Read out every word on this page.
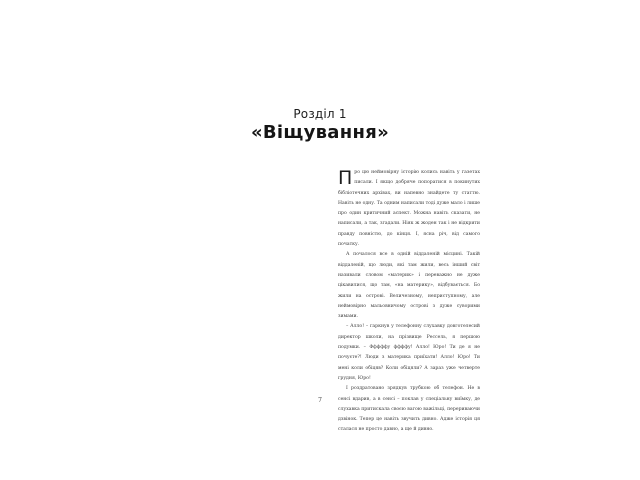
Розділ 1
«Віщування»

Про цю неймовірну історію колись навіть у газетах писали. І якщо добряче попоратися в покинутих бібліотечних архівах, ви напевно знайдете ту статтю. Навіть не одну. Та одним написали тоді дуже мало і лише про один критичний аспект. Можна навіть сказати, не написали, а так, згадали. Ніяк ж жоден так і не відкрити правду повністю, до кінця. І, ясна річ, від самого початку.

А почалося все в одній віддаленій місцині. Такій віддаленій, що люди, які там жили, весь інший світ називали словом «материк» і переважно не дуже цікавилися, що там, «на материку», відбувається. Бо жили на острові. Величезному, неприступному, але неймовірно мальовничому острові з дуже суворими зимами.

– Алло! – гаркнув у телефонну слухавку довготелесий директор школи, на прізвище Рессель, я першою подумки. – Фффффу ффффу! Алло! Юро! Ти де я не почуєте?! Люди з материка приїхати! Алло! Юро! Ти мені коли обіцяв? Коли обіцяли? А зараз уже четверте грудня, Юро!

І роздратовано зрядкув трубкою об телефон. Не в сенсі вдарив, а в сенсі – поклав у спеціальну виїмку, де слухавка притискала своєю вагою важільці, перериваючи дзвінок. Тепер це навіть звучить дивно. Адже історія ця сталася не просто давно, а ще й дивно.

7
